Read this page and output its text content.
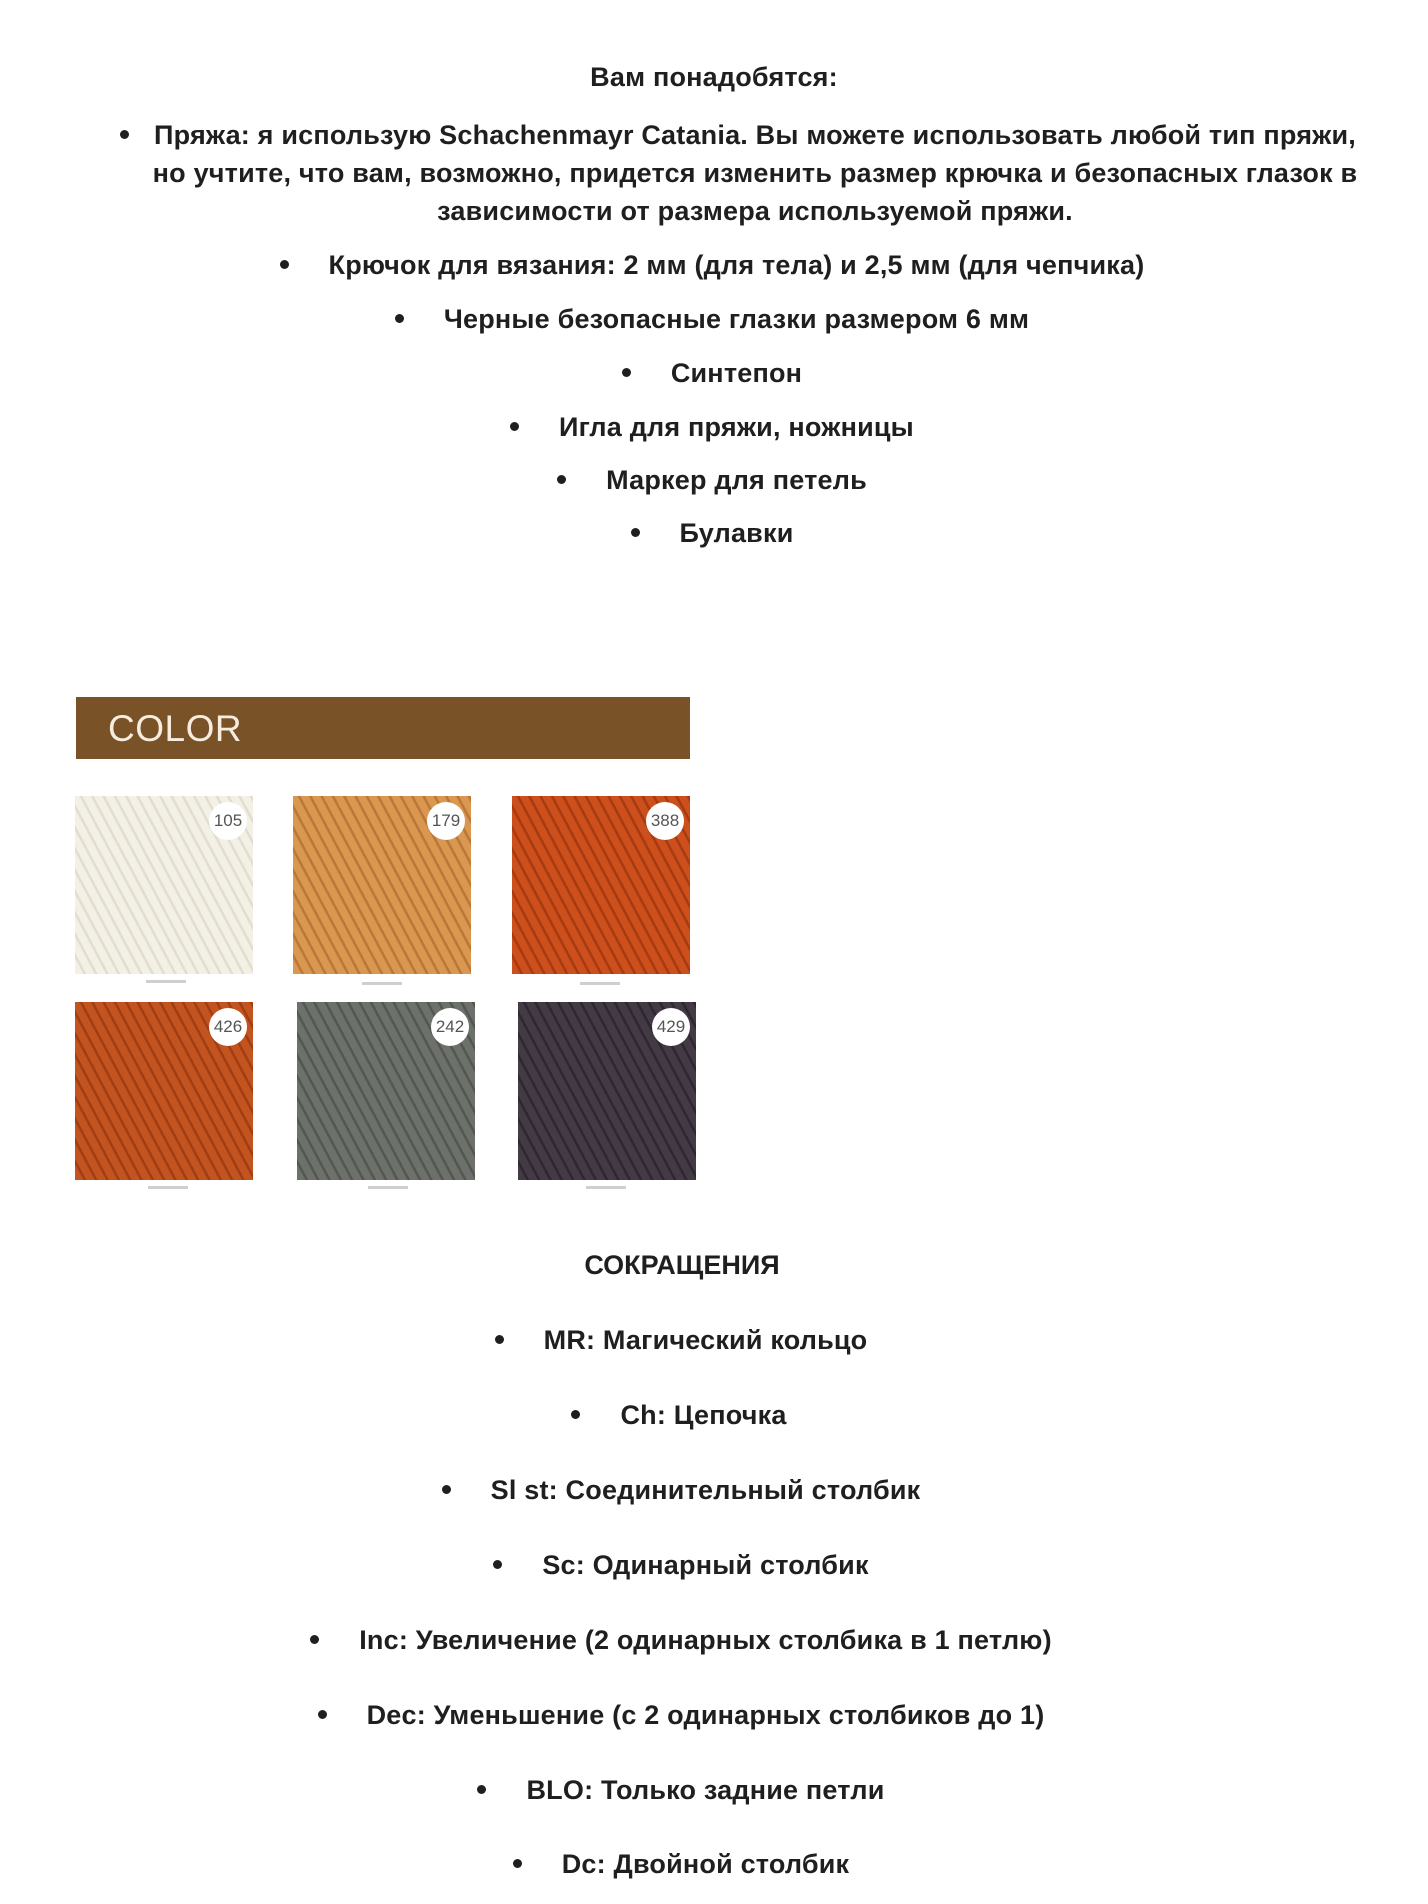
Вам понадобятся:
Пряжа: я использую Schachenmayr Catania. Вы можете использовать любой тип пряжи,
но учтите, что вам, возможно, придется изменить размер крючка и безопасных глазок в
зависимости от размера используемой пряжи.
Крючок для вязания: 2 мм (для тела) и 2,5 мм (для чепчика)
Черные безопасные глазки размером 6 мм
Синтепон
Игла для пряжи, ножницы
Маркер для петель
Булавки
COLOR
105	179	388
426	242	429
СОКРАЩЕНИЯ
MR: Магический кольцо
Ch: Цепочка
Sl st: Соединительный столбик
Sc: Одинарный столбик
Inc: Увеличение (2 одинарных столбика в 1 петлю)
Dec: Уменьшение (с 2 одинарных столбиков до 1)
BLO: Только задние петли
Dc: Двойной столбик
